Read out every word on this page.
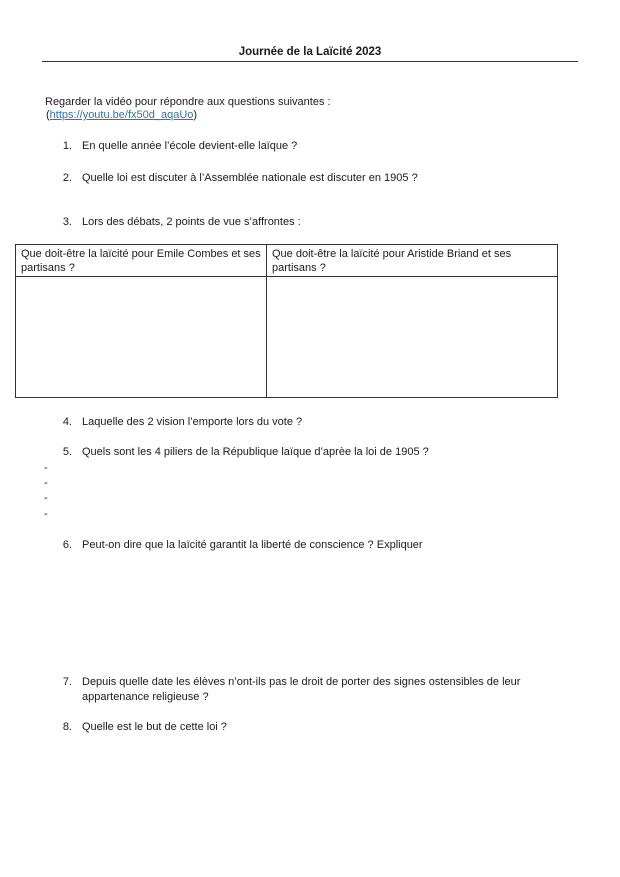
Journée de la Laïcité 2023
Regarder la vidéo pour répondre aux questions suivantes :
(https://youtu.be/fx50d_aqaUo)
1. En quelle année l’école devient-elle laïque ?
2. Quelle loi est discuter à l’Assemblée nationale est discuter en 1905 ?
3. Lors des débats, 2 points de vue s’affrontes :
Que doit-être la laïcité pour Emile Combes et ses partisans ?
Que doit-être la laïcité pour Aristide Briand et ses partisans ?
4. Laquelle des 2 vision l’emporte lors du vote ?
5. Quels sont les 4 piliers de la République laïque d’aprèe la loi de 1905 ?
-
-
-
-
6. Peut-on dire que la laïcité garantit la liberté de conscience ? Expliquer
7. Depuis quelle date les élèves n’ont-ils pas le droit de porter des signes ostensibles de leur
appartenance religieuse ?
8. Quelle est le but de cette loi ?
